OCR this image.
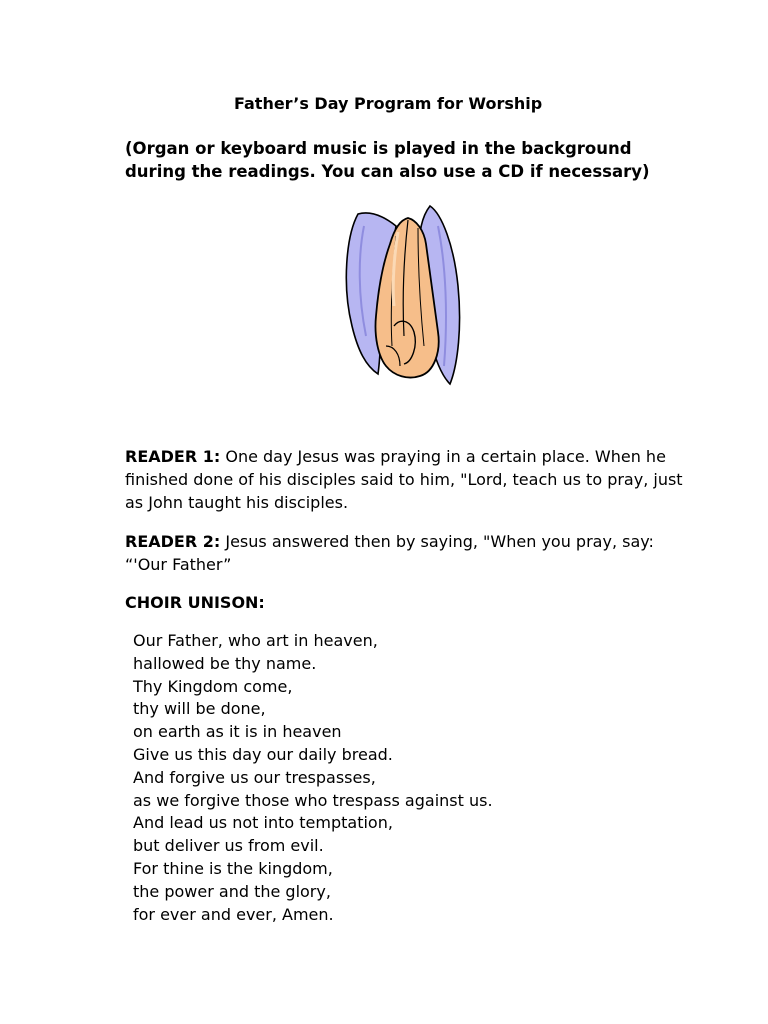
Father’s Day Program for Worship
(Organ or keyboard music is played in the background during the readings. You can also use a CD if necessary)
READER 1: One day Jesus was praying in a certain place. When he finished done of his disciples said to him, "Lord, teach us to pray, just as John taught his disciples.
READER 2: Jesus answered then by saying, "When you pray, say: “'Our Father”
CHOIR UNISON:
Our Father, who art in heaven,
hallowed be thy name.
Thy Kingdom come,
thy will be done,
on earth as it is in heaven
Give us this day our daily bread.
And forgive us our trespasses,
as we forgive those who trespass against us.
And lead us not into temptation,
but deliver us from evil.
For thine is the kingdom,
the power and the glory,
for ever and ever, Amen.
